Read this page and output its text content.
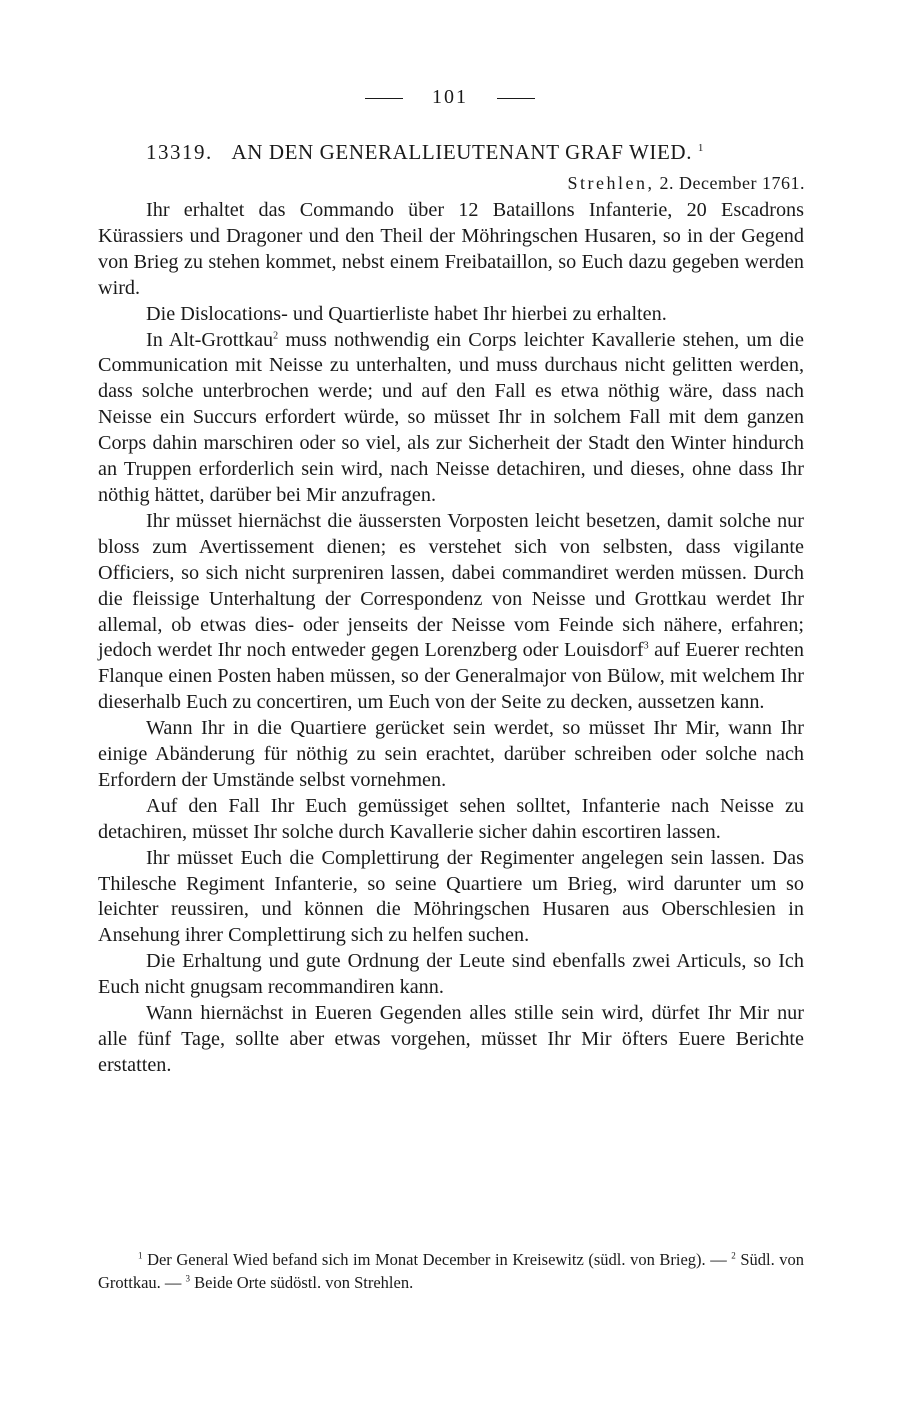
101
13319. AN DEN GENERALLIEUTENANT GRAF WIED. $^1$
Strehlen, 2. December 1761.

Ihr erhaltet das Commando über 12 Bataillons Infanterie, 20 Escadrons Kürassiers und Dragoner und den Theil der Möhringschen Husaren, so in der Gegend von Brieg zu stehen kommet, nebst einem Freibataillon, so Euch dazu gegeben werden wird.

Die Dislocations- und Quartierliste habet Ihr hierbei zu erhalten.

In Alt-Grottkau$^2$ muss nothwendig ein Corps leichter Kavallerie stehen, um die Communication mit Neisse zu unterhalten, und muss durchaus nicht gelitten werden, dass solche unterbrochen werde; und auf den Fall es etwa nöthig wäre, dass nach Neisse ein Succurs erfordert würde, so müsset Ihr in solchem Fall mit dem ganzen Corps dahin marschiren oder so viel, als zur Sicherheit der Stadt den Winter hindurch an Truppen erforderlich sein wird, nach Neisse detachiren, und dieses, ohne dass Ihr nöthig hättet, darüber bei Mir anzufragen.

Ihr müsset hiernächst die äussersten Vorposten leicht besetzen, damit solche nur bloss zum Avertissement dienen; es verstehet sich von selbsten, dass vigilante Officiers, so sich nicht surpreniren lassen, dabei commandiret werden müssen. Durch die fleissige Unterhaltung der Correspondenz von Neisse und Grottkau werdet Ihr allemal, ob etwas dies- oder jenseits der Neisse vom Feinde sich nähere, erfahren; jedoch werdet Ihr noch entweder gegen Lorenzberg oder Louisdorf$^3$ auf Euerer rechten Flanque einen Posten haben müssen, so der Generalmajor von Bülow, mit welchem Ihr dieserhalb Euch zu concertiren, um Euch von der Seite zu decken, aussetzen kann.

Wann Ihr in die Quartiere gerücket sein werdet, so müsset Ihr Mir, wann Ihr einige Abänderung für nöthig zu sein erachtet, darüber schreiben oder solche nach Erfordern der Umstände selbst vornehmen.

Auf den Fall Ihr Euch gemüssiget sehen solltet, Infanterie nach Neisse zu detachiren, müsset Ihr solche durch Kavallerie sicher dahin escortiren lassen.

Ihr müsset Euch die Complettirung der Regimenter angelegen sein lassen. Das Thilesche Regiment Infanterie, so seine Quartiere um Brieg, wird darunter um so leichter reussiren, und können die Möhringschen Husaren aus Oberschlesien in Ansehung ihrer Complettirung sich zu helfen suchen.

Die Erhaltung und gute Ordnung der Leute sind ebenfalls zwei Articuls, so Ich Euch nicht gnugsam recommandiren kann.

Wann hiernächst in Eueren Gegenden alles stille sein wird, dürfet Ihr Mir nur alle fünf Tage, sollte aber etwas vorgehen, müsset Ihr Mir öfters Euere Berichte erstatten.

$^1$ Der General Wied befand sich im Monat December in Kreisewitz (südl. von Brieg). — $^2$ Südl. von Grottkau. — $^3$ Beide Orte südöstl. von Strehlen.
